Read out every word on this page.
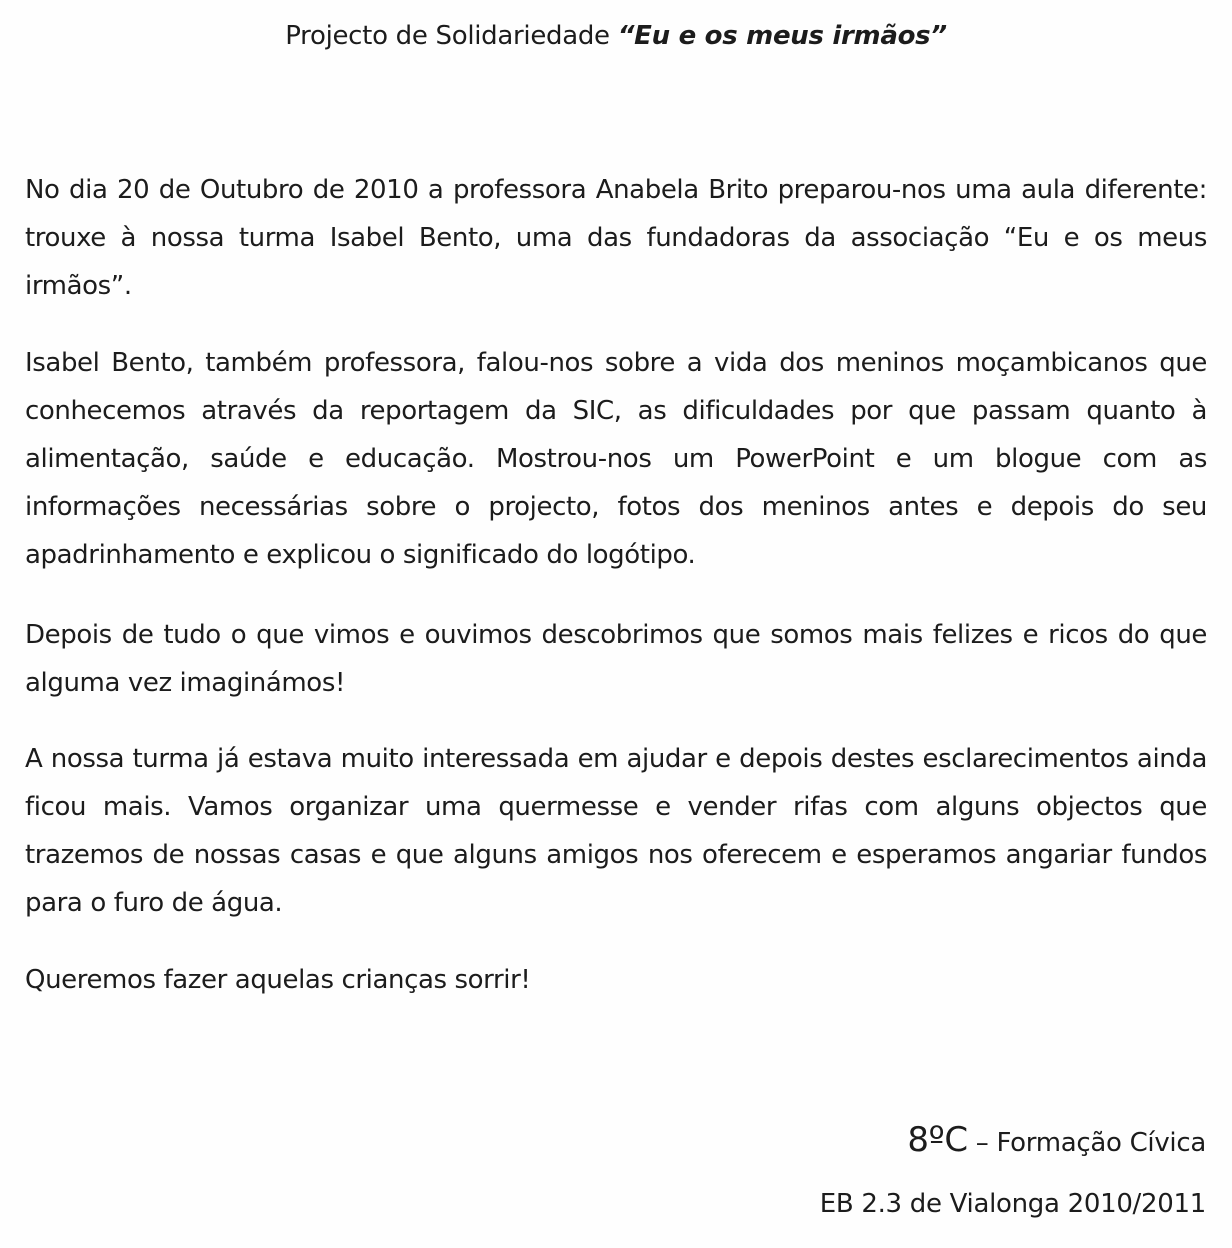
Projecto de Solidariedade “Eu e os meus irmãos”

No dia 20 de Outubro de 2010 a professora Anabela Brito preparou-nos uma aula diferente: trouxe à nossa turma Isabel Bento, uma das fundadoras da associação “Eu e os meus irmãos”.

Isabel Bento, também professora, falou-nos sobre a vida dos meninos moçambicanos que conhecemos através da reportagem da SIC, as dificuldades por que passam quanto à alimentação, saúde e educação. Mostrou-nos um PowerPoint e um blogue com as informações necessárias sobre o projecto, fotos dos meninos antes e depois do seu apadrinhamento e explicou o significado do logótipo.

Depois de tudo o que vimos e ouvimos descobrimos que somos mais felizes e ricos do que alguma vez imaginámos!

A nossa turma já estava muito interessada em ajudar e depois destes esclarecimentos ainda ficou mais. Vamos organizar uma quermesse e vender rifas com alguns objectos que trazemos de nossas casas e que alguns amigos nos oferecem e esperamos angariar fundos para o furo de água.

Queremos fazer aquelas crianças sorrir!

8ºC – Formação Cívica
EB 2.3 de Vialonga 2010/2011
